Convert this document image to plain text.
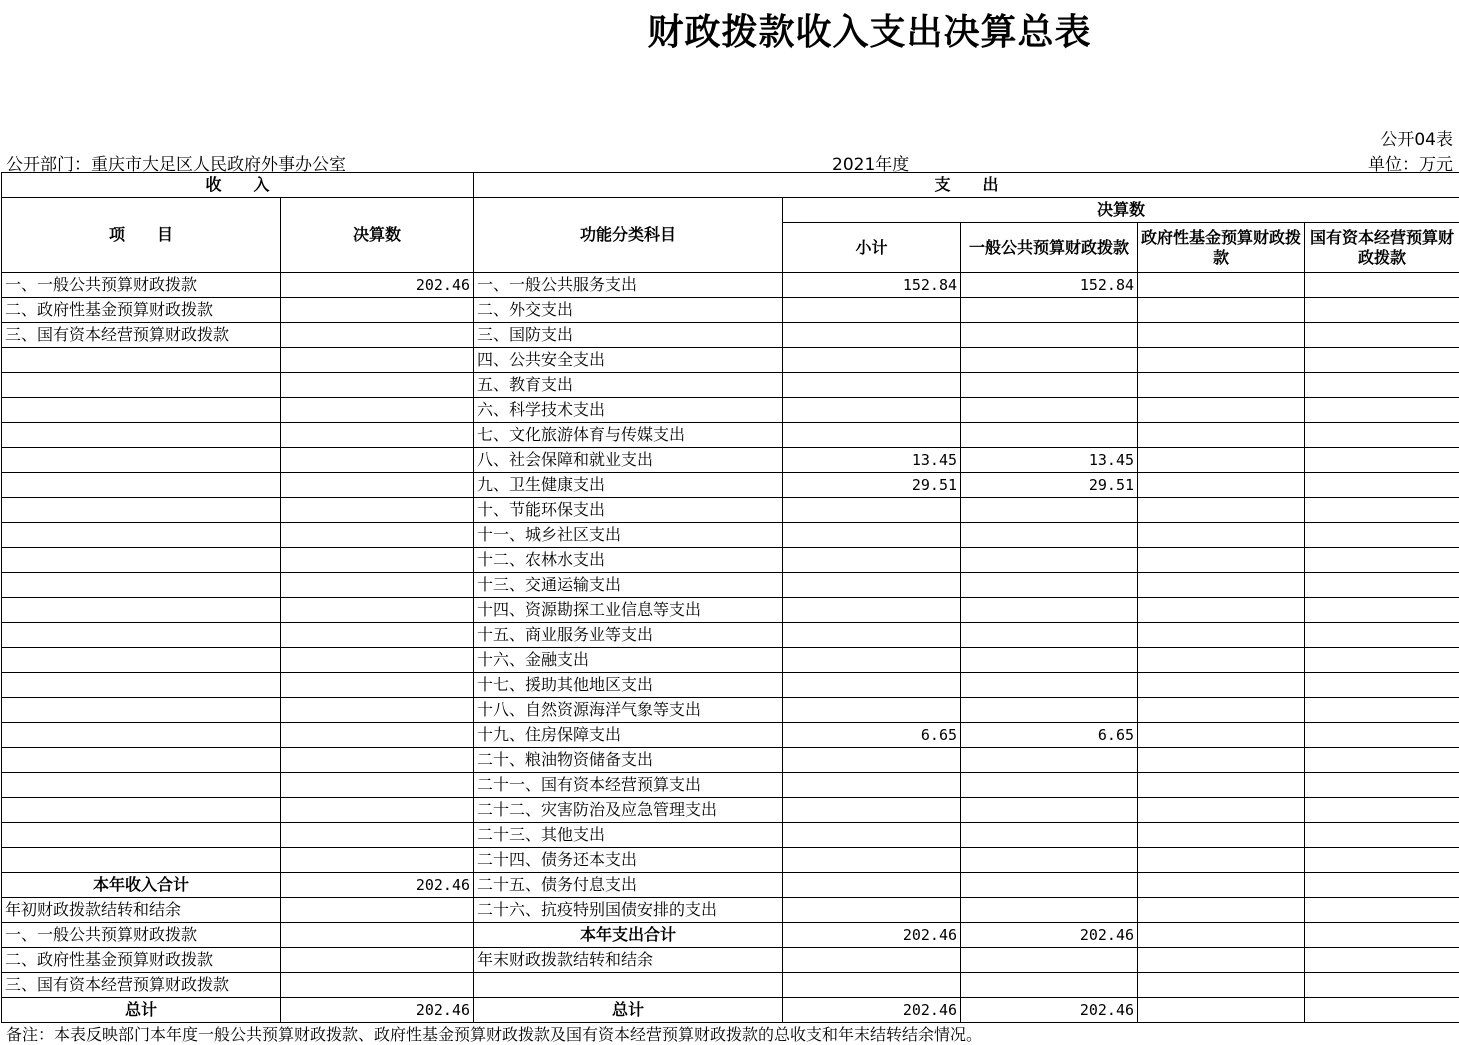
财政拨款收入支出决算总表
公开04表
公开部门：重庆市大足区人民政府外事办公室	2021年度	单位：万元
收　　入		支　　出				
项　　目	决算数	功能分类科目	决算数			
			小计	一般公共预算财政拨款	政府性基金预算财政拨款	国有资本经营预算财政拨款
一、一般公共预算财政拨款	202.46	一、一般公共服务支出	152.84	152.84		
二、政府性基金预算财政拨款		二、外交支出				
三、国有资本经营预算财政拨款		三、国防支出				
		四、公共安全支出				
		五、教育支出				
		六、科学技术支出				
		七、文化旅游体育与传媒支出				
		八、社会保障和就业支出	13.45	13.45		
		九、卫生健康支出	29.51	29.51		
		十、节能环保支出				
		十一、城乡社区支出				
		十二、农林水支出				
		十三、交通运输支出				
		十四、资源勘探工业信息等支出				
		十五、商业服务业等支出				
		十六、金融支出				
		十七、援助其他地区支出				
		十八、自然资源海洋气象等支出				
		十九、住房保障支出	6.65	6.65		
		二十、粮油物资储备支出				
		二十一、国有资本经营预算支出				
		二十二、灾害防治及应急管理支出				
		二十三、其他支出				
		二十四、债务还本支出				
本年收入合计	202.46	二十五、债务付息支出				
年初财政拨款结转和结余		二十六、抗疫特别国债安排的支出				
一、一般公共预算财政拨款		本年支出合计	202.46	202.46		
二、政府性基金预算财政拨款		年末财政拨款结转和结余				
三、国有资本经营预算财政拨款						
总计	202.46	总计	202.46	202.46		
备注：本表反映部门本年度一般公共预算财政拨款、政府性基金预算财政拨款及国有资本经营预算财政拨款的总收支和年末结转结余情况。
